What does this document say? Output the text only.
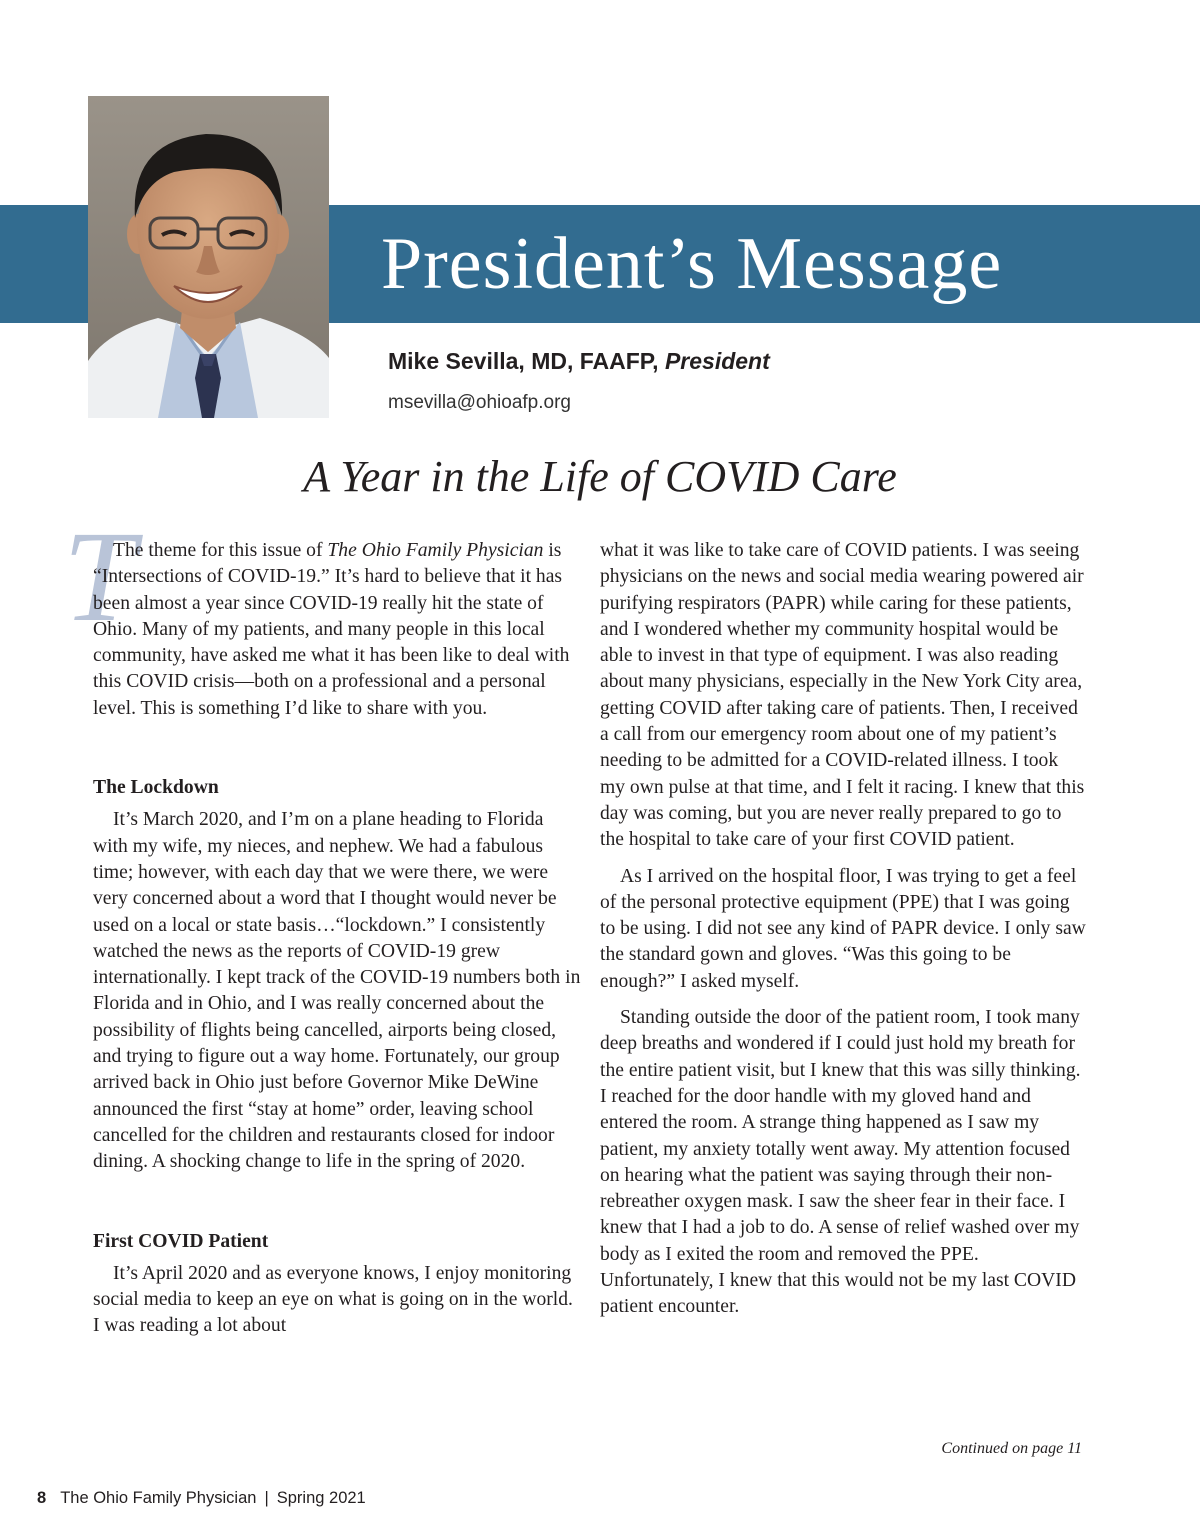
President’s Message
Mike Sevilla, MD, FAAFP, President
msevilla@ohioafp.org
A Year in the Life of COVID Care
T

The theme for this issue of The Ohio Family Physician is “Intersections of COVID-19.” It’s hard to believe that it has been almost a year since COVID-19 really hit the state of Ohio. Many of my patients, and many people in this local community, have asked me what it has been like to deal with this COVID crisis—both on a professional and a personal level. This is something I’d like to share with you.

The Lockdown

It’s March 2020, and I’m on a plane heading to Florida with my wife, my nieces, and nephew. We had a fabulous time; however, with each day that we were there, we were very concerned about a word that I thought would never be used on a local or state basis…“lockdown.” I consistently watched the news as the reports of COVID-19 grew internationally. I kept track of the COVID-19 numbers both in Florida and in Ohio, and I was really concerned about the possibility of flights being cancelled, airports being closed, and trying to figure out a way home. Fortunately, our group arrived back in Ohio just before Governor Mike DeWine announced the first “stay at home” order, leaving school cancelled for the children and restaurants closed for indoor dining. A shocking change to life in the spring of 2020.

First COVID Patient

It’s April 2020 and as everyone knows, I enjoy monitoring social media to keep an eye on what is going on in the world. I was reading a lot about

what it was like to take care of COVID patients. I was seeing physicians on the news and social media wearing powered air purifying respirators (PAPR) while caring for these patients, and I wondered whether my community hospital would be able to invest in that type of equipment. I was also reading about many physicians, especially in the New York City area, getting COVID after taking care of patients. Then, I received a call from our emergency room about one of my patient’s needing to be admitted for a COVID-related illness. I took my own pulse at that time, and I felt it racing. I knew that this day was coming, but you are never really prepared to go to the hospital to take care of your first COVID patient.

As I arrived on the hospital floor, I was trying to get a feel of the personal protective equipment (PPE) that I was going to be using. I did not see any kind of PAPR device. I only saw the standard gown and gloves. “Was this going to be enough?” I asked myself.

Standing outside the door of the patient room, I took many deep breaths and wondered if I could just hold my breath for the entire patient visit, but I knew that this was silly thinking. I reached for the door handle with my gloved hand and entered the room. A strange thing happened as I saw my patient, my anxiety totally went away. My attention focused on hearing what the patient was saying through their non-rebreather oxygen mask. I saw the sheer fear in their face. I knew that I had a job to do. A sense of relief washed over my body as I exited the room and removed the PPE. Unfortunately, I knew that this would not be my last COVID patient encounter.

Continued on page 11
8 The Ohio Family Physician | Spring 2021
